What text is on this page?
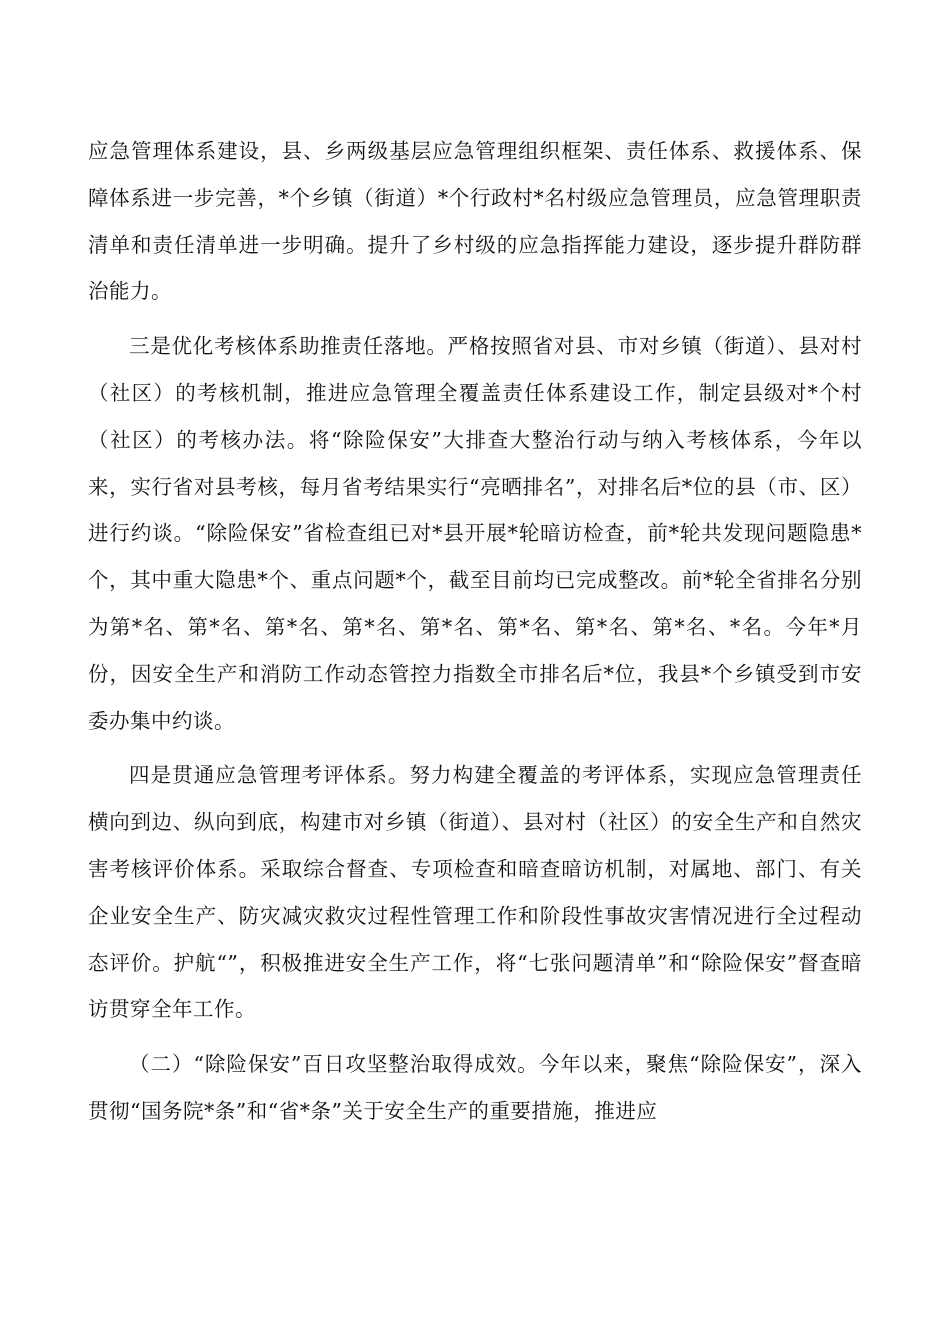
应急管理体系建设，县、乡两级基层应急管理组织框架、责任体系、救援体系、保障体系进一步完善，*个乡镇（街道）*个行政村*名村级应急管理员，应急管理职责清单和责任清单进一步明确。提升了乡村级的应急指挥能力建设，逐步提升群防群治能力。

三是优化考核体系助推责任落地。严格按照省对县、市对乡镇（街道）、县对村（社区）的考核机制，推进应急管理全覆盖责任体系建设工作，制定县级对*个村（社区）的考核办法。将“除险保安”大排查大整治行动与纳入考核体系，今年以来，实行省对县考核，每月省考结果实行“亮晒排名”，对排名后*位的县（市、区）进行约谈。“除险保安”省检查组已对*县开展*轮暗访检查，前*轮共发现问题隐患*个，其中重大隐患*个、重点问题*个，截至目前均已完成整改。前*轮全省排名分别为第*名、第*名、第*名、第*名、第*名、第*名、第*名、第*名、*名。今年*月份，因安全生产和消防工作动态管控力指数全市排名后*位，我县*个乡镇受到市安委办集中约谈。

四是贯通应急管理考评体系。努力构建全覆盖的考评体系，实现应急管理责任横向到边、纵向到底，构建市对乡镇（街道）、县对村（社区）的安全生产和自然灾害考核评价体系。采取综合督查、专项检查和暗查暗访机制，对属地、部门、有关企业安全生产、防灾减灾救灾过程性管理工作和阶段性事故灾害情况进行全过程动态评价。护航“”，积极推进安全生产工作，将“七张问题清单”和“除险保安”督查暗访贯穿全年工作。

（二）“除险保安”百日攻坚整治取得成效。今年以来，聚焦“除险保安”，深入贯彻“国务院*条”和“省*条”关于安全生产的重要措施，推进应
